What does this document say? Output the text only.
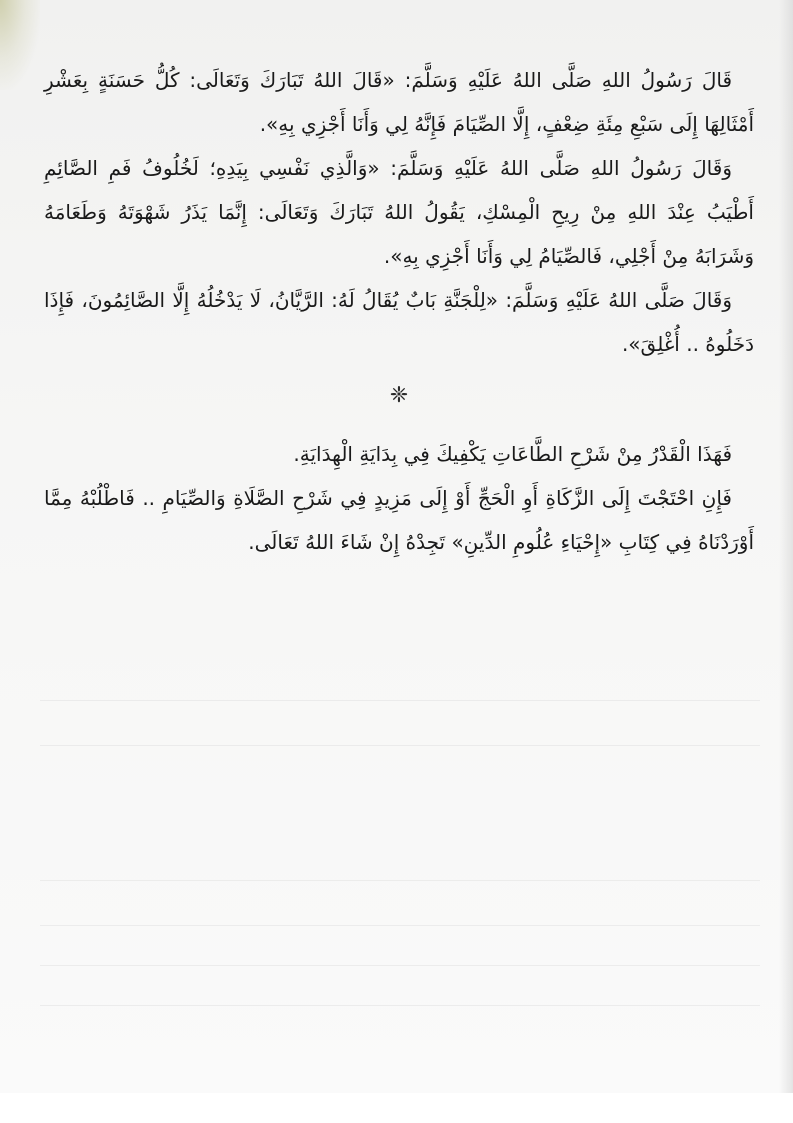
قَالَ رَسُولُ اللهِ صَلَّى اللهُ عَلَيْهِ وَسَلَّمَ: «قَالَ اللهُ تَبَارَكَ وَتَعَالَى: كُلُّ حَسَنَةٍ بِعَشْرِ أَمْثَالِهَا إِلَى سَبْعِ مِئَةِ ضِعْفٍ، إِلَّا الصِّيَامَ فَإِنَّهُ لِي وَأَنَا أَجْزِي بِهِ».

وَقَالَ رَسُولُ اللهِ صَلَّى اللهُ عَلَيْهِ وَسَلَّمَ: «وَالَّذِي نَفْسِي بِيَدِهِ؛ لَخُلُوفُ فَمِ الصَّائِمِ أَطْيَبُ عِنْدَ اللهِ مِنْ رِيحِ الْمِسْكِ، يَقُولُ اللهُ تَبَارَكَ وَتَعَالَى: إِنَّمَا يَذَرُ شَهْوَتَهُ وَطَعَامَهُ وَشَرَابَهُ مِنْ أَجْلِي، فَالصِّيَامُ لِي وَأَنَا أَجْزِي بِهِ».

وَقَالَ صَلَّى اللهُ عَلَيْهِ وَسَلَّمَ: «لِلْجَنَّةِ بَابٌ يُقَالُ لَهُ: الرَّيَّانُ، لَا يَدْخُلُهُ إِلَّا الصَّائِمُونَ، فَإِذَا دَخَلُوهُ .. أُغْلِقَ».

❈

فَهَذَا الْقَدْرُ مِنْ شَرْحِ الطَّاعَاتِ يَكْفِيكَ فِي بِدَايَةِ الْهِدَايَةِ.

فَإِنِ احْتَجْتَ إِلَى الزَّكَاةِ أَوِ الْحَجِّ أَوْ إِلَى مَزِيدٍ فِي شَرْحِ الصَّلَاةِ وَالصِّيَامِ .. فَاطْلُبْهُ مِمَّا أَوْرَدْنَاهُ فِي كِتَابِ «إِحْيَاءِ عُلُومِ الدِّينِ» تَجِدْهُ إِنْ شَاءَ اللهُ تَعَالَى.
